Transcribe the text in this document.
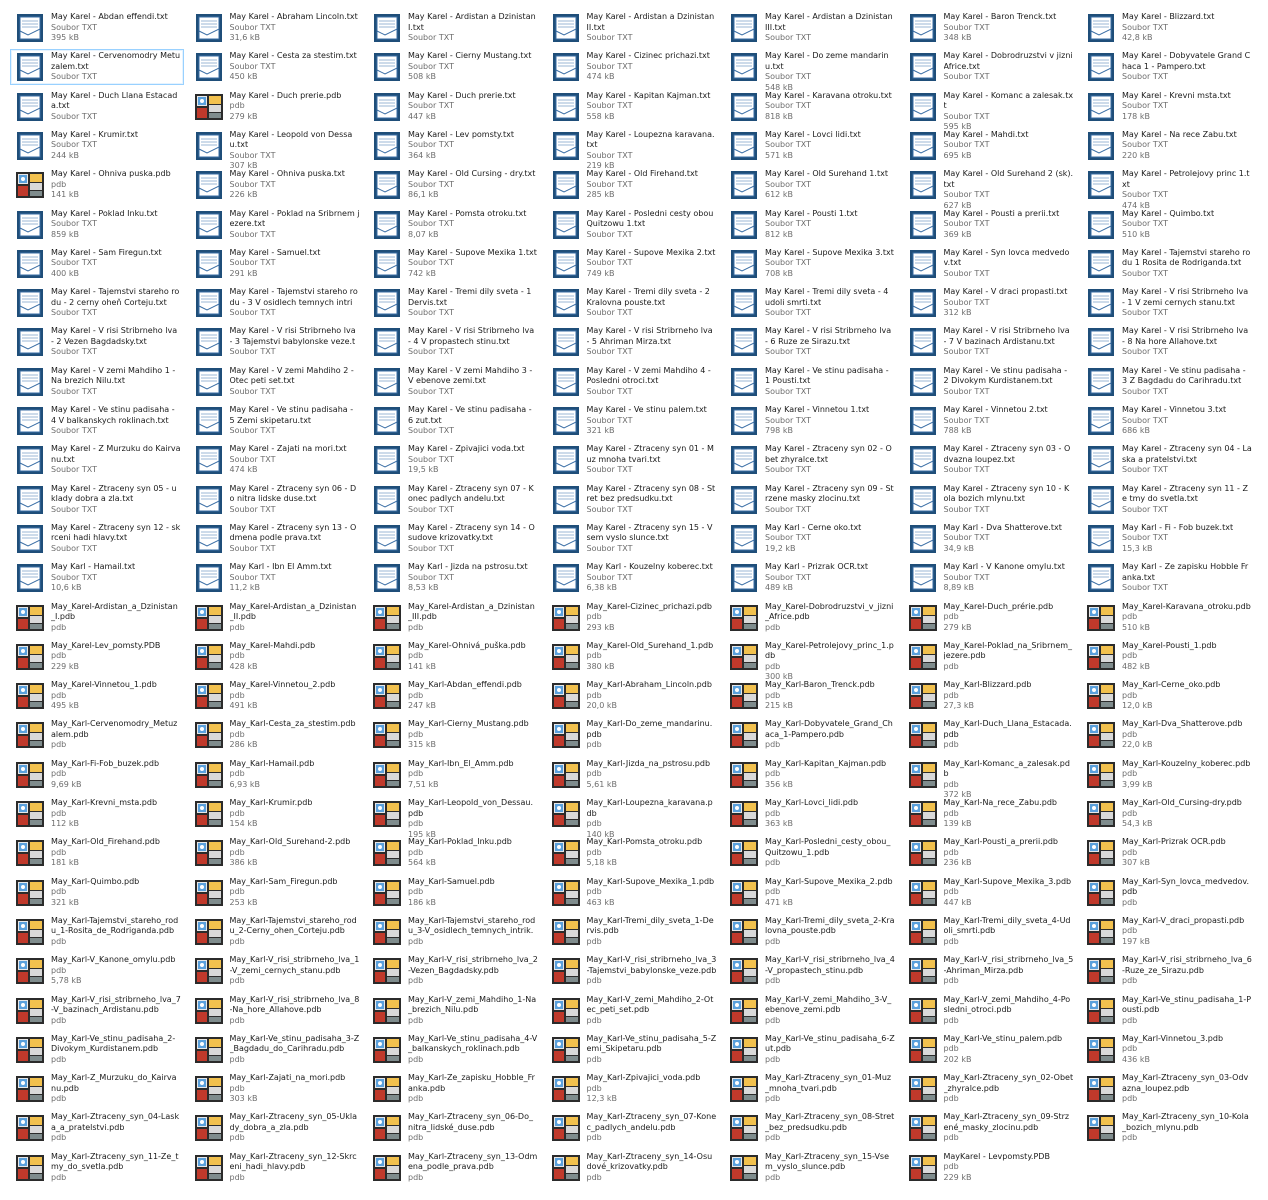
May Karel - Abdan effendi.txt
Soubor TXT
395 kB
May Karel - Abraham Lincoln.txt
Soubor TXT
31,6 kB
May Karel - Ardistan a Dzinistan I.txt
Soubor TXT
May Karel - Ardistan a Dzinistan II.txt
Soubor TXT
May Karel - Ardistan a Dzinistan III.txt
Soubor TXT
May Karel - Baron Trenck.txt
Soubor TXT
348 kB
May Karel - Blizzard.txt
Soubor TXT
42,8 kB
May Karel - Cervenomodry Metuzalem.txt
Soubor TXT
May Karel - Cesta za stestim.txt
Soubor TXT
450 kB
May Karel - Cierny Mustang.txt
Soubor TXT
508 kB
May Karel - Cizinec prichazi.txt
Soubor TXT
474 kB
May Karel - Do zeme mandarinu.txt
Soubor TXT
548 kB
May Karel - Dobrodruzstvi v jizni Africe.txt
Soubor TXT
May Karel - Dobyvatele Grand Chaca 1 - Pampero.txt
Soubor TXT
May Karel - Duch Llana Estacada.txt
Soubor TXT
May Karel - Duch prerie.pdb
pdb
279 kB
May Karel - Duch prerie.txt
Soubor TXT
447 kB
May Karel - Kapitan Kajman.txt
Soubor TXT
558 kB
May Karel - Karavana otroku.txt
Soubor TXT
818 kB
May Karel - Komanc a zalesak.txt
Soubor TXT
595 kB
May Karel - Krevni msta.txt
Soubor TXT
178 kB
May Karel - Krumir.txt
Soubor TXT
244 kB
May Karel - Leopold von Dessau.txt
Soubor TXT
307 kB
May Karel - Lev pomsty.txt
Soubor TXT
364 kB
May Karel - Loupezna karavana.txt
Soubor TXT
219 kB
May Karel - Lovci lidi.txt
Soubor TXT
571 kB
May Karel - Mahdi.txt
Soubor TXT
695 kB
May Karel - Na rece Zabu.txt
Soubor TXT
220 kB
May Karel - Ohniva puska.pdb
pdb
141 kB
May Karel - Ohniva puska.txt
Soubor TXT
226 kB
May Karel - Old Cursing - dry.txt
Soubor TXT
86,1 kB
May Karel - Old Firehand.txt
Soubor TXT
285 kB
May Karel - Old Surehand 1.txt
Soubor TXT
612 kB
May Karel - Old Surehand 2 (sk).txt
Soubor TXT
627 kB
May Karel - Petrolejovy princ 1.txt
Soubor TXT
474 kB
May Karel - Poklad Inku.txt
Soubor TXT
859 kB
May Karel - Poklad na Sribrnem jezere.txt
Soubor TXT
May Karel - Pomsta otroku.txt
Soubor TXT
8,07 kB
May Karel - Posledni cesty obou Quitzowu 1.txt
Soubor TXT
May Karel - Pousti 1.txt
Soubor TXT
812 kB
May Karel - Pousti a prerii.txt
Soubor TXT
369 kB
May Karel - Quimbo.txt
Soubor TXT
510 kB
May Karel - Sam Firegun.txt
Soubor TXT
400 kB
May Karel - Samuel.txt
Soubor TXT
291 kB
May Karel - Supove Mexika 1.txt
Soubor TXT
742 kB
May Karel - Supove Mexika 2.txt
Soubor TXT
749 kB
May Karel - Supove Mexika 3.txt
Soubor TXT
708 kB
May Karel - Syn lovca medvedov.txt
Soubor TXT
May Karel - Tajemstvi stareho rodu 1 Rosita de Rodriganda.txt
Soubor TXT
May Karel - Tajemstvi stareho rodu - 2 cerny oheň Corteju.txt
Soubor TXT
May Karel - Tajemstvi stareho rodu - 3 V osidlech temnych intri
Soubor TXT
May Karel - Tremi dily sveta - 1 Dervis.txt
Soubor TXT
May Karel - Tremi dily sveta - 2 Kralovna pouste.txt
Soubor TXT
May Karel - Tremi dily sveta - 4 udoli smrti.txt
Soubor TXT
May Karel - V draci propasti.txt
Soubor TXT
312 kB
May Karel - V risi Stribrneho lva - 1 V zemi cernych stanu.txt
Soubor TXT
May Karel - V risi Stribrneho lva - 2 Vezen Bagdadsky.txt
Soubor TXT
May Karel - V risi Stribrneho lva - 3 Tajemstvi babylonske veze.t
Soubor TXT
May Karel - V risi Stribrneho lva - 4 V propastech stinu.txt
Soubor TXT
May Karel - V risi Stribrneho lva - 5 Ahriman Mirza.txt
Soubor TXT
May Karel - V risi Stribrneho lva - 6 Ruze ze Sirazu.txt
Soubor TXT
May Karel - V risi Stribrneho lva - 7 V bazinach Ardistanu.txt
Soubor TXT
May Karel - V risi Stribrneho lva - 8 Na hore Allahove.txt
Soubor TXT
May Karel - V zemi Mahdiho 1 - Na brezich Nilu.txt
Soubor TXT
May Karel - V zemi Mahdiho 2 - Otec peti set.txt
Soubor TXT
May Karel - V zemi Mahdiho 3 - V ebenove zemi.txt
Soubor TXT
May Karel - V zemi Mahdiho 4 - Posledni otroci.txt
Soubor TXT
May Karel - Ve stinu padisaha - 1 Pousti.txt
Soubor TXT
May Karel - Ve stinu padisaha - 2 Divokym Kurdistanem.txt
Soubor TXT
May Karel - Ve stinu padisaha - 3 Z Bagdadu do Carihradu.txt
Soubor TXT
May Karel - Ve stinu padisaha - 4 V balkanskych roklinach.txt
Soubor TXT
May Karel - Ve stinu padisaha - 5 Zemi skipetaru.txt
Soubor TXT
May Karel - Ve stinu padisaha - 6 zut.txt
Soubor TXT
May Karel - Ve stinu palem.txt
Soubor TXT
321 kB
May Karel - Vinnetou 1.txt
Soubor TXT
798 kB
May Karel - Vinnetou 2.txt
Soubor TXT
788 kB
May Karel - Vinnetou 3.txt
Soubor TXT
686 kB
May Karel - Z Murzuku do Kairvanu.txt
Soubor TXT
May Karel - Zajati na mori.txt
Soubor TXT
474 kB
May Karel - Zpivajici voda.txt
Soubor TXT
19,5 kB
May Karel - Ztraceny syn 01 - Muz mnoha tvari.txt
Soubor TXT
May Karel - Ztraceny syn 02 - Obet zhyralce.txt
Soubor TXT
May Karel - Ztraceny syn 03 - Odvazna loupez.txt
Soubor TXT
May Karel - Ztraceny syn 04 - Laska a pratelstvi.txt
Soubor TXT
May Karel - Ztraceny syn 05 - uklady dobra a zla.txt
Soubor TXT
May Karel - Ztraceny syn 06 - Do nitra lidske duse.txt
Soubor TXT
May Karel - Ztraceny syn 07 - Konec padlych andelu.txt
Soubor TXT
May Karel - Ztraceny syn 08 - Stret bez predsudku.txt
Soubor TXT
May Karel - Ztraceny syn 09 - Strzene masky zlocinu.txt
Soubor TXT
May Karel - Ztraceny syn 10 - Kola bozich mlynu.txt
Soubor TXT
May Karel - Ztraceny syn 11 - Ze tmy do svetla.txt
Soubor TXT
May Karel - Ztraceny syn 12 - skrceni hadi hlavy.txt
Soubor TXT
May Karel - Ztraceny syn 13 - Odmena podle prava.txt
Soubor TXT
May Karel - Ztraceny syn 14 - Osudove krizovatky.txt
Soubor TXT
May Karel - Ztraceny syn 15 - Vsem vyslo slunce.txt
Soubor TXT
May Karl - Cerne oko.txt
Soubor TXT
19,2 kB
May Karl - Dva Shatterove.txt
Soubor TXT
34,9 kB
May Karl - Fi - Fob buzek.txt
Soubor TXT
15,3 kB
May Karl - Hamail.txt
Soubor TXT
10,6 kB
May Karl - Ibn El Amm.txt
Soubor TXT
11,2 kB
May Karl - Jizda na pstrosu.txt
Soubor TXT
8,53 kB
May Karl - Kouzelny koberec.txt
Soubor TXT
6,38 kB
May Karl - Prizrak OCR.txt
Soubor TXT
489 kB
May Karl - V Kanone omylu.txt
Soubor TXT
8,89 kB
May Karl - Ze zapisku Hobble Franka.txt
Soubor TXT
May_Karel-Ardistan_a_Dzinistan_I.pdb
pdb
May_Karel-Ardistan_a_Dzinistan_II.pdb
pdb
May_Karel-Ardistan_a_Dzinistan_III.pdb
pdb
May_Karel-Cizinec_prichazi.pdb
pdb
293 kB
May_Karel-Dobrodruzstvi_v_jizni_Africe.pdb
pdb
May_Karel-Duch_prérie.pdb
pdb
279 kB
May_Karel-Karavana_otroku.pdb
pdb
510 kB
May_Karel-Lev_pomsty.PDB
pdb
229 kB
May_Karel-Mahdi.pdb
pdb
428 kB
May_Karel-Ohnivá_puška.pdb
pdb
141 kB
May_Karel-Old_Surehand_1.pdb
pdb
380 kB
May_Karel-Petrolejovy_princ_1.pdb
pdb
300 kB
May_Karel-Poklad_na_Sribrnem_jezere.pdb
pdb
May_Karel-Pousti_1.pdb
pdb
482 kB
May_Karel-Vinnetou_1.pdb
pdb
495 kB
May_Karel-Vinnetou_2.pdb
pdb
491 kB
May_Karl-Abdan_effendi.pdb
pdb
247 kB
May_Karl-Abraham_Lincoln.pdb
pdb
20,0 kB
May_Karl-Baron_Trenck.pdb
pdb
215 kB
May_Karl-Blizzard.pdb
pdb
27,3 kB
May_Karl-Cerne_oko.pdb
pdb
12,0 kB
May_Karl-Cervenomodry_Metuzalem.pdb
pdb
May_Karl-Cesta_za_stestim.pdb
pdb
286 kB
May_Karl-Cierny_Mustang.pdb
pdb
315 kB
May_Karl-Do_zeme_mandarinu.pdb
pdb
May_Karl-Dobyvatele_Grand_Chaca_1-Pampero.pdb
pdb
May_Karl-Duch_Llana_Estacada.pdb
pdb
May_Karl-Dva_Shatterove.pdb
pdb
22,0 kB
May_Karl-Fi-Fob_buzek.pdb
pdb
9,69 kB
May_Karl-Hamail.pdb
pdb
6,93 kB
May_Karl-Ibn_El_Amm.pdb
pdb
7,51 kB
May_Karl-Jizda_na_pstrosu.pdb
pdb
5,61 kB
May_Karl-Kapitan_Kajman.pdb
pdb
356 kB
May_Karl-Komanc_a_zalesak.pdb
pdb
372 kB
May_Karl-Kouzelny_koberec.pdb
pdb
3,99 kB
May_Karl-Krevni_msta.pdb
pdb
112 kB
May_Karl-Krumir.pdb
pdb
154 kB
May_Karl-Leopold_von_Dessau.pdb
pdb
195 kB
May_Karl-Loupezna_karavana.pdb
pdb
140 kB
May_Karl-Lovci_lidi.pdb
pdb
363 kB
May_Karl-Na_rece_Zabu.pdb
pdb
139 kB
May_Karl-Old_Cursing-dry.pdb
pdb
54,3 kB
May_Karl-Old_Firehand.pdb
pdb
181 kB
May_Karl-Old_Surehand-2.pdb
pdb
386 kB
May_Karl-Poklad_Inku.pdb
pdb
564 kB
May_Karl-Pomsta_otroku.pdb
pdb
5,18 kB
May_Karl-Posledni_cesty_obou_Quitzowu_1.pdb
pdb
May_Karl-Pousti_a_prerii.pdb
pdb
236 kB
May_Karl-Prizrak OCR.pdb
pdb
307 kB
May_Karl-Quimbo.pdb
pdb
321 kB
May_Karl-Sam_Firegun.pdb
pdb
253 kB
May_Karl-Samuel.pdb
pdb
186 kB
May_Karl-Supove_Mexika_1.pdb
pdb
463 kB
May_Karl-Supove_Mexika_2.pdb
pdb
471 kB
May_Karl-Supove_Mexika_3.pdb
pdb
447 kB
May_Karl-Syn_lovca_medvedov.pdb
pdb
May_Karl-Tajemstvi_stareho_rodu_1-Rosita_de_Rodriganda.pdb
pdb
May_Karl-Tajemstvi_stareho_rodu_2-Cerny_ohen_Corteju.pdb
pdb
May_Karl-Tajemstvi_stareho_rodu_3-V_osidlech_temnych_intrik.
pdb
May_Karl-Tremi_dily_sveta_1-Dervis.pdb
pdb
May_Karl-Tremi_dily_sveta_2-Kralovna_pouste.pdb
pdb
May_Karl-Tremi_dily_sveta_4-Udoli_smrti.pdb
pdb
May_Karl-V_draci_propasti.pdb
pdb
197 kB
May_Karl-V_Kanone_omylu.pdb
pdb
5,78 kB
May_Karl-V_risi_stribrneho_lva_1-V_zemi_cernych_stanu.pdb
pdb
May_Karl-V_risi_stribrneho_lva_2-Vezen_Bagdadsky.pdb
pdb
May_Karl-V_risi_stribrneho_lva_3-Tajemstvi_babylonske_veze.pdb
pdb
May_Karl-V_risi_stribrneho_lva_4-V_propastech_stinu.pdb
pdb
May_Karl-V_risi_stribrneho_lva_5-Ahriman_Mirza.pdb
pdb
May_Karl-V_risi_stribrneho_lva_6-Ruze_ze_Sirazu.pdb
pdb
May_Karl-V_risi_stribrneho_lva_7-V_bazinach_Ardistanu.pdb
pdb
May_Karl-V_risi_stribrneho_lva_8-Na_hore_Allahove.pdb
pdb
May_Karl-V_zemi_Mahdiho_1-Na_brezich_Nilu.pdb
pdb
May_Karl-V_zemi_Mahdiho_2-Otec_peti_set.pdb
pdb
May_Karl-V_zemi_Mahdiho_3-V_ebenove_zemi.pdb
pdb
May_Karl-V_zemi_Mahdiho_4-Posledni_otroci.pdb
pdb
May_Karl-Ve_stinu_padisaha_1-Pousti.pdb
pdb
May_Karl-Ve_stinu_padisaha_2-Divokym_Kurdistanem.pdb
pdb
May_Karl-Ve_stinu_padisaha_3-Z_Bagdadu_do_Carihradu.pdb
pdb
May_Karl-Ve_stinu_padisaha_4-V_balkanskych_roklinach.pdb
pdb
May_Karl-Ve_stinu_padisaha_5-Zemi_Skipetaru.pdb
pdb
May_Karl-Ve_stinu_padisaha_6-Zut.pdb
pdb
May_Karl-Ve_stinu_palem.pdb
pdb
202 kB
May_Karl-Vinnetou_3.pdb
pdb
436 kB
May_Karl-Z_Murzuku_do_Kairvanu.pdb
pdb
May_Karl-Zajati_na_mori.pdb
pdb
303 kB
May_Karl-Ze_zapisku_Hobble_Franka.pdb
pdb
May_Karl-Zpivajici_voda.pdb
pdb
12,3 kB
May_Karl-Ztraceny_syn_01-Muz_mnoha_tvari.pdb
pdb
May_Karl-Ztraceny_syn_02-Obet_zhyralce.pdb
pdb
May_Karl-Ztraceny_syn_03-Odvazna_loupez.pdb
pdb
May_Karl-Ztraceny_syn_04-Laska_a_pratelstvi.pdb
pdb
May_Karl-Ztraceny_syn_05-Uklady_dobra_a_zla.pdb
pdb
May_Karl-Ztraceny_syn_06-Do_nitra_lidské_duse.pdb
pdb
May_Karl-Ztraceny_syn_07-Konec_padlych_andelu.pdb
pdb
May_Karl-Ztraceny_syn_08-Stret_bez_predsudku.pdb
pdb
May_Karl-Ztraceny_syn_09-Strzené_masky_zlocinu.pdb
pdb
May_Karl-Ztraceny_syn_10-Kola_bozich_mlynu.pdb
pdb
May_Karl-Ztraceny_syn_11-Ze_tmy_do_svetla.pdb
pdb
May_Karl-Ztraceny_syn_12-Skrceni_hadi_hlavy.pdb
pdb
May_Karl-Ztraceny_syn_13-Odmena_podle_prava.pdb
pdb
May_Karl-Ztraceny_syn_14-Osudové_krizovatky.pdb
pdb
May_Karl-Ztraceny_syn_15-Vsem_vyslo_slunce.pdb
pdb
MayKarel - Levpomsty.PDB
pdb
229 kB
